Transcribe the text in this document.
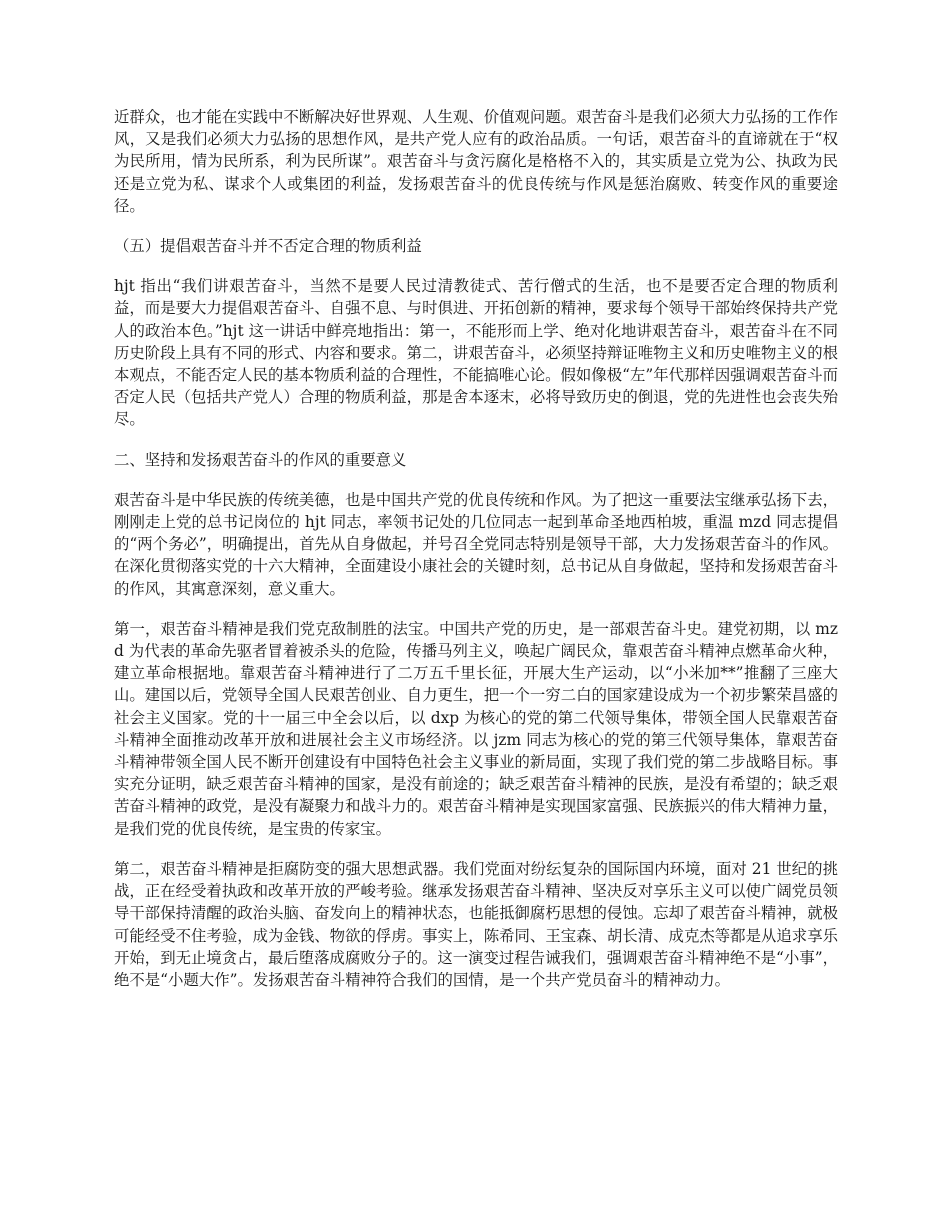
近群众，也才能在实践中不断解决好世界观、人生观、价值观问题。艰苦奋斗是我们必须大力弘扬的工作作风，又是我们必须大力弘扬的思想作风，是共产党人应有的政治品质。一句话，艰苦奋斗的直谛就在于“权为民所用，情为民所系，利为民所谋”。艰苦奋斗与贪污腐化是格格不入的，其实质是立党为公、执政为民还是立党为私、谋求个人或集团的利益，发扬艰苦奋斗的优良传统与作风是惩治腐败、转变作风的重要途径。

（五）提倡艰苦奋斗并不否定合理的物质利益

hjt 指出“我们讲艰苦奋斗，当然不是要人民过清教徒式、苦行僧式的生活，也不是要否定合理的物质利益，而是要大力提倡艰苦奋斗、自强不息、与时俱进、开拓创新的精神，要求每个领导干部始终保持共产党人的政治本色。”hjt 这一讲话中鲜亮地指出：第一，不能形而上学、绝对化地讲艰苦奋斗，艰苦奋斗在不同历史阶段上具有不同的形式、内容和要求。第二，讲艰苦奋斗，必须坚持辩证唯物主义和历史唯物主义的根本观点，不能否定人民的基本物质利益的合理性，不能搞唯心论。假如像极“左”年代那样因强调艰苦奋斗而否定人民（包括共产党人）合理的物质利益，那是舍本逐末，必将导致历史的倒退，党的先进性也会丧失殆尽。

二、坚持和发扬艰苦奋斗的作风的重要意义

艰苦奋斗是中华民族的传统美德，也是中国共产党的优良传统和作风。为了把这一重要法宝继承弘扬下去，刚刚走上党的总书记岗位的 hjt 同志，率领书记处的几位同志一起到革命圣地西柏坡，重温 mzd 同志提倡的“两个务必”，明确提出，首先从自身做起，并号召全党同志特别是领导干部，大力发扬艰苦奋斗的作风。在深化贯彻落实党的十六大精神，全面建设小康社会的关键时刻，总书记从自身做起，坚持和发扬艰苦奋斗的作风，其寓意深刻，意义重大。

第一，艰苦奋斗精神是我们党克敌制胜的法宝。中国共产党的历史，是一部艰苦奋斗史。建党初期，以 mzd 为代表的革命先驱者冒着被杀头的危险，传播马列主义，唤起广阔民众，靠艰苦奋斗精神点燃革命火种，建立革命根据地。靠艰苦奋斗精神进行了二万五千里长征，开展大生产运动，以“小米加**”推翻了三座大山。建国以后，党领导全国人民艰苦创业、自力更生，把一个一穷二白的国家建设成为一个初步繁荣昌盛的社会主义国家。党的十一届三中全会以后，以 dxp 为核心的党的第二代领导集体，带领全国人民靠艰苦奋斗精神全面推动改革开放和进展社会主义市场经济。以 jzm 同志为核心的党的第三代领导集体，靠艰苦奋斗精神带领全国人民不断开创建设有中国特色社会主义事业的新局面，实现了我们党的第二步战略目标。事实充分证明，缺乏艰苦奋斗精神的国家，是没有前途的；缺乏艰苦奋斗精神的民族，是没有希望的；缺乏艰苦奋斗精神的政党，是没有凝聚力和战斗力的。艰苦奋斗精神是实现国家富强、民族振兴的伟大精神力量，是我们党的优良传统，是宝贵的传家宝。

第二，艰苦奋斗精神是拒腐防变的强大思想武器。我们党面对纷纭复杂的国际国内环境，面对 21 世纪的挑战，正在经受着执政和改革开放的严峻考验。继承发扬艰苦奋斗精神、坚决反对享乐主义可以使广阔党员领导干部保持清醒的政治头脑、奋发向上的精神状态，也能抵御腐朽思想的侵蚀。忘却了艰苦奋斗精神，就极可能经受不住考验，成为金钱、物欲的俘虏。事实上，陈希同、王宝森、胡长清、成克杰等都是从追求享乐开始，到无止境贪占，最后堕落成腐败分子的。这一演变过程告诫我们，强调艰苦奋斗精神绝不是“小事”，绝不是“小题大作”。发扬艰苦奋斗精神符合我们的国情，是一个共产党员奋斗的精神动力。
